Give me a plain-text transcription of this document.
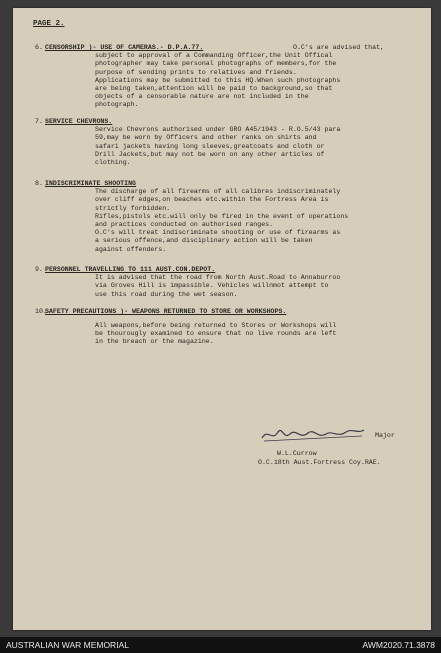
PAGE 2.
6. CENSORSHIP )- USE OF CAMERAS.- D.P.A.77.	O.C's are advised that,
subject to approval of a Commanding Officer,the Unit Offical
photographer may take personal photographs of members,for the
purpose of sending prints to relatives and friends.
Applications may be submitted to this HQ.When such photographs
are being taken,attention will be paid to background,so that
objects of a censorable nature are not included in the
photograph.
7. SERVICE CHEVRONS.
Service Chevrons authorised under GRO A45/1943 - R.O.5/43 para
59,may be worn by Officers and other ranks on shirts and
safari jackets having long sleeves,greatcoats and cloth or
Drill Jackets,but may not be worn on any other articles of
clothing.
8. INDISCRIMINATE SHOOTING
The discharge of all firearms of all calibres indiscriminately
over cliff edges,on beaches etc.within the Fortress Area is
strictly forbidden.
Rifles,pistols etc.will only be fired in the event of operations
and practices conducted on authorised ranges.
O.C's will treat indiscriminate shooting or use of firearms as
a serious offence,and disciplinary action will be taken
against offenders.
9. PERSONNEL TRAVELLING TO 111 AUST.CON.DEPOT.
It is advised that the road from North Aust.Road to Annaburroo
via Groves Hill is impassible. Vehicles willnmot attempt to
use this road during the wet season.
10.
SAFETY PRECAUTIONS )- WEAPONS RETURNED TO STORE OR WORKSHOPS.
All weapons,before being returned to Stores or Workshops will
be thourougly examined to ensure that no live rounds are left
in the breach or the magazine.
Major
W.L.Currow
O.C.18th Aust.Fortress Coy.RAE.
AUSTRALIAN WAR MEMORIAL	AWM2020.71.3878
